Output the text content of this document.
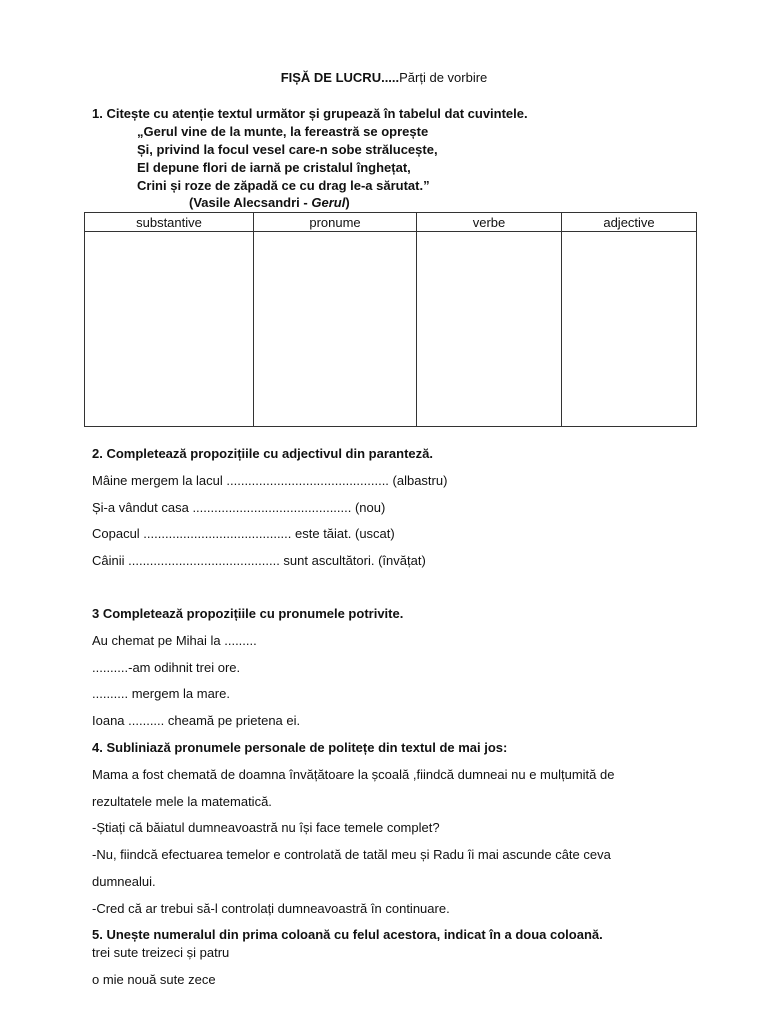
FIȘĂ DE LUCRU.....Părți de vorbire
1. Citește cu atenție textul următor și grupează în tabelul dat cuvintele.
„Gerul vine de la munte, la fereastră se oprește
Și, privind la focul vesel care-n sobe strălucește,
El depune flori de iarnă pe cristalul înghețat,
Crini și roze de zăpadă ce cu drag le-a sărutat.”
(Vasile Alecsandri - Gerul)
substantive	pronume	verbe	adjective

2. Completează propozițiile cu adjectivul din paranteză.
Mâine mergem la lacul ............................................. (albastru)
Și-a vândut casa ............................................ (nou)
Copacul ......................................... este tăiat. (uscat)
Câinii .......................................... sunt ascultători. (învățat)
3 Completează propozițiile cu pronumele potrivite.
Au chemat pe Mihai la .........
..........-am odihnit trei ore.
.......... mergem la mare.
Ioana .......... cheamă pe prietena ei.
4. Subliniază pronumele personale de politețe din textul de mai jos:
Mama a fost chemată de doamna învățătoare la școală ,fiindcă dumneai nu e mulțumită de
rezultatele mele la matematică.
-Știați că băiatul dumneavoastră nu își face temele complet?
-Nu, fiindcă efectuarea temelor e controlată de tatăl meu și Radu îi mai ascunde câte ceva
dumnealui.
-Cred că ar trebui să-l controlați dumneavoastră în continuare.
5. Unește numeralul din prima coloană cu felul acestora, indicat în a doua coloană.
trei sute treizeci și patru
o mie nouă sute zece
